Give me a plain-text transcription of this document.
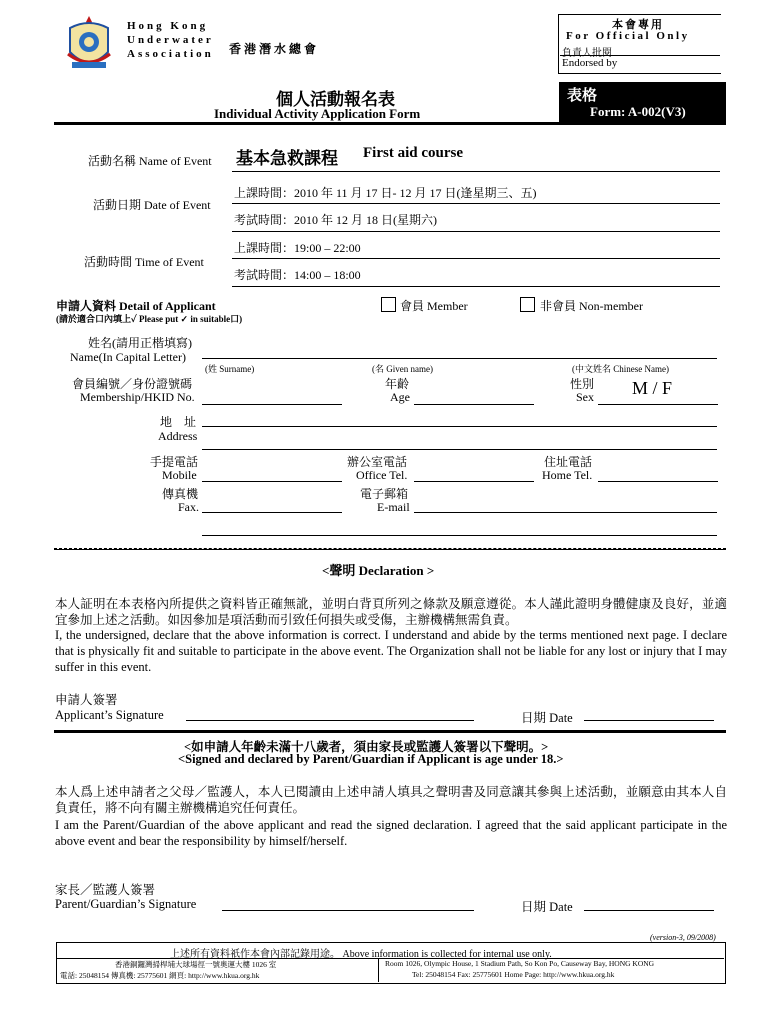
Hong Kong
Underwater
Association 香 港 潛 水 總 會
本會專用
For Official Only
負責人批閱
Endorsed by
個人活動報名表
Individual Activity Application Form
表格
Form: A-002(V3)
活動名稱 Name of Event 基本急救課程 First aid course
活動日期 Date of Event
上課時間：2010 年 11 月 17 日- 12 月 17 日(逢星期三、五)
考試時間：2010 年 12 月 18 日(星期六)
活動時間 Time of Event
上課時間：19:00 – 22:00
考試時間：14:00 – 18:00
申請人資料 Detail of Applicant
(請於適合口內填上✓ Please put ✓ in suitable口)
會員 Member	非會員 Non-member
姓名(請用正楷填寫)
Name(In Capital Letter)
(姓 Surname)	(名 Given name)	(中文姓名 Chinese Name)
會員編號／身份證號碼
Membership/HKID No.
年齡
Age
性別
Sex M / F
地　址
Address
手提電話
Mobile
辦公室電話
Office Tel.
住址電話
Home Tel.
傳真機
Fax.
電子郵箱
E-mail
<聲明 Declaration >
本人証明在本表格內所提供之資料皆正確無訛，並明白背頁所列之條款及願意遵從。本人謹此證明身體健康及良好，並適宜參加上述之活動。如因參加是項活動而引致任何損失或受傷，主辦機構無需負責。
I, the undersigned, declare that the above information is correct. I understand and abide by the terms mentioned next page. I declare that is physically fit and suitable to participate in the above event. The Organization shall not be liable for any lost or injury that I may suffer in this event.
申請人簽署
Applicant’s Signature	日期 Date
<如申請人年齡未滿十八歲者，須由家長或監護人簽署以下聲明。>
<Signed and declared by Parent/Guardian if Applicant is age under 18.>
本人爲上述申請者之父母／監護人，本人已閱讀由上述申請人填具之聲明書及同意讓其參與上述活動，並願意由其本人自負責任，將不向有關主辦機構追究任何責任。
I am the Parent/Guardian of the above applicant and read the signed declaration. I agreed that the said applicant participate in the above event and bear the responsibility by himself/herself.
家長／監護人簽署
Parent/Guardian’s Signature	日期 Date
(version-3, 09/2008)
上述所有資料祇作本會內部記錄用途。 Above information is collected for internal use only.
香港銅鑼灣掃桿埔大球場徑一號奧運大樓 1026 室
電話: 25048154 傳真機: 25775601 網頁: http://www.hkua.org.hk
Room 1026, Olympic House, 1 Stadium Path, So Kon Po, Causeway Bay, HONG KONG
Tel: 25048154 Fax: 25775601 Home Page: http://www.hkua.org.hk
